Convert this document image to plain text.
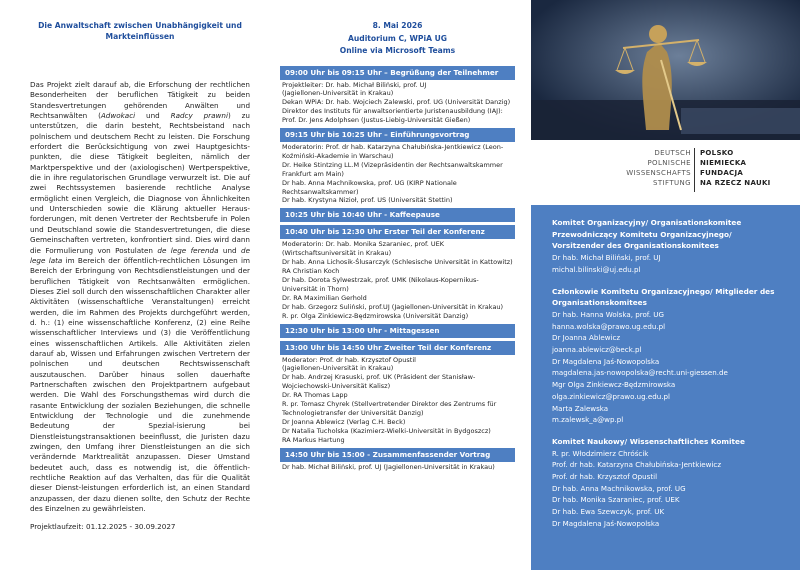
Die Anwaltschaft zwischen Unabhängigkeit und
Markteinflüssen
Das Projekt zielt darauf ab, die Erforschung der rechtlichen Besonderheiten der beruflichen Tätigkeit zu beiden Standesvertretungen gehörenden Anwälten und Rechtsanwälten (Adwokaci und Radcy prawni) zu unterstützen, die darin besteht, Rechtsbeistand nach polnischem und deutschem Recht zu leisten. Die Forschung erfordert die Berücksichtigung von zwei Hauptgesichts-punkten, die diese Tätigkeit begleiten, nämlich der Marktperspektive und der (axiologischen) Wertperspektive, die in ihre regulatorischen Grundlage verwurzelt ist. Die auf zwei Rechtssystemen basierende rechtliche Analyse ermöglicht einen Vergleich, die Diagnose von Ähnlichkeiten und Unterschieden sowie die Klärung aktueller Heraus-forderungen, mit denen Vertreter der Rechtsberufe in Polen und Deutschland sowie die Standesvertretungen, die diese Gemeinschaften vertreten, konfrontiert sind. Dies wird dann die Formulierung von Postulaten de lege ferenda und de lege lata im Bereich der öffentlich-rechtlichen Lösungen im Bereich der Erbringung von Rechtsdienstleistungen und der beruflichen Tätigkeit von Rechtsanwälten ermöglichen. Dieses Ziel soll durch den wissenschaftlichen Charakter aller Aktivitäten (wissenschaftliche Veranstaltungen) erreicht werden, die im Rahmen des Projekts durchgeführt werden, d. h.: (1) eine wissenschaftliche Konferenz, (2) eine Reihe wissenschaftlicher Interviews und (3) die Veröffentlichung eines wissenschaftlichen Artikels. Alle Aktivitäten zielen darauf ab, Wissen und Erfahrungen zwischen Vertretern der polnischen und deutschen Rechtswissenschaft auszutauschen. Darüber hinaus sollen dauerhafte Partnerschaften zwischen den Projektpartnern aufgebaut werden. Die Wahl des Forschungsthemas wird durch die rasante Entwicklung der sozialen Beziehungen, die schnelle Entwicklung der Technologie und die zunehmende Bedeutung der Spezial-isierung bei Dienstleistungstransaktionen beeinflusst, die Juristen dazu zwingen, den Umfang ihrer Dienstleistungen an die sich verändernde Marktrealität anzupassen. Dieser Umstand bedeutet auch, dass es notwendig ist, die öffentlich-rechtliche Reaktion auf das Verhalten, das für die Qualität dieser Dienst-leistungen erforderlich ist, an einen Standard anzupassen, der dazu dienen sollte, den Schutz der Rechte des Einzelnen zu gewährleisten.
Projektlaufzeit: 01.12.2025 - 30.09.2027
8. Mai 2026
Auditorium C, WPiA UG
Online via Microsoft Teams
09:00 Uhr bis 09:15 Uhr – Begrüßung der Teilnehmer
Projektleiter: Dr. hab. Michał Biliński, prof. UJ
(Jagiellonen-Universität in Krakau)
Dekan WPiA: Dr. hab. Wojciech Zalewski, prof. UG (Universität Danzig)
Direktor des Instituts für anwaltsorientierte Juristenausbildung (IAJ):
Prof. Dr. Jens Adolphsen (Justus-Liebig-Universität Gießen)
09:15 Uhr bis 10:25 Uhr – Einführungsvortrag
Moderatorin: Prof. dr hab. Katarzyna Chałubińska-Jentkiewicz (Leon-
Koźmiński-Akademie in Warschau)
Dr. Heike Stintzing LL.M (Vizepräsidentin der Rechtsanwaltskammer
Frankfurt am Main)
Dr hab. Anna Machnikowska, prof. UG (KIRP Nationale
Rechtsanwaltskammer)
Dr hab. Krystyna Nizioł, prof. US (Universität Stettin)
10:25 Uhr bis 10:40 Uhr - Kaffeepause
10:40 Uhr bis 12:30 Uhr Erster Teil der Konferenz
Moderatorin: Dr. hab. Monika Szaraniec, prof. UEK
(Wirtschaftsuniversität in Krakau)
Dr hab. Anna Lichosik-Ślusarczyk (Schlesische Universität in Kattowitz)
RA Christian Koch
Dr hab. Dorota Sylwestrzak, prof. UMK (Nikolaus-Kopernikus-
Universität in Thorn)
Dr. RA Maximilian Gerhold
Dr hab. Grzegorz Suliński, prof.UJ (Jagiellonen-Universität in Krakau)
R. pr. Olga Zinkiewicz-Będzmirowska (Universität Danzig)
12:30 Uhr bis 13:00 Uhr - Mittagessen
13:00 Uhr bis 14:50 Uhr Zweiter Teil der Konferenz
Moderator: Prof. dr hab. Krzysztof Opustil
(Jagiellonen-Universität in Krakau)
Dr hab. Andrzej Krasuski, prof. UK (Präsident der Stanisław-
Wojciechowski-Universität Kalisz)
Dr. RA Thomas Lapp
R. pr. Tomasz Chyrek (Stellvertretender Direktor des Zentrums für
Technologietransfer der Universität Danzig)
Dr Joanna Ablewicz (Verlag C.H. Beck)
Dr Natalia Tucholska (Kazimierz-Wielki-Universität in Bydgoszcz)
RA Markus Hartung
14:50 Uhr bis 15:00 - Zusammenfassender Vortrag
Dr hab. Michał Biliński, prof. UJ (Jagiellonen-Universität in Krakau)
DEUTSCH
POLNISCHE
WISSENSCHAFTS
STIFTUNG
POLSKO
NIEMIECKA
FUNDACJA
NA RZECZ NAUKI
Komitet Organizacyjny/ Organisationskomitee
Przewodniczący Komitetu Organizacyjnego/
Vorsitzender des Organisationskomitees
Dr hab. Michał Biliński, prof. UJ
michal.bilinski@uj.edu.pl
Członkowie Komitetu Organizacyjnego/ Mitglieder des
Organisationskomitees
Dr hab. Hanna Wolska, prof. UG
hanna.wolska@prawo.ug.edu.pl
Dr Joanna Ablewicz
joanna.ablewicz@beck.pl
Dr Magdalena Jaś-Nowopolska
magdalena.jas-nowopolska@recht.uni-giessen.de
Mgr Olga Zinkiewcz-Będzmirowska
olga.zinkiewicz@prawo.ug.edu.pl
Marta Zalewska
m.zalewsk_a@wp.pl
Komitet Naukowy/ Wissenschaftliches Komitee
R. pr. Włodzimierz Chróścik
Prof. dr hab. Katarzyna Chałubińska-Jentkiewicz
Prof. dr hab. Krzysztof Opustil
Dr hab. Anna Machnikowska, prof. UG
Dr hab. Monika Szaraniec, prof. UEK
Dr hab. Ewa Szewczyk, prof. UK
Dr Magdalena Jaś-Nowopolska
